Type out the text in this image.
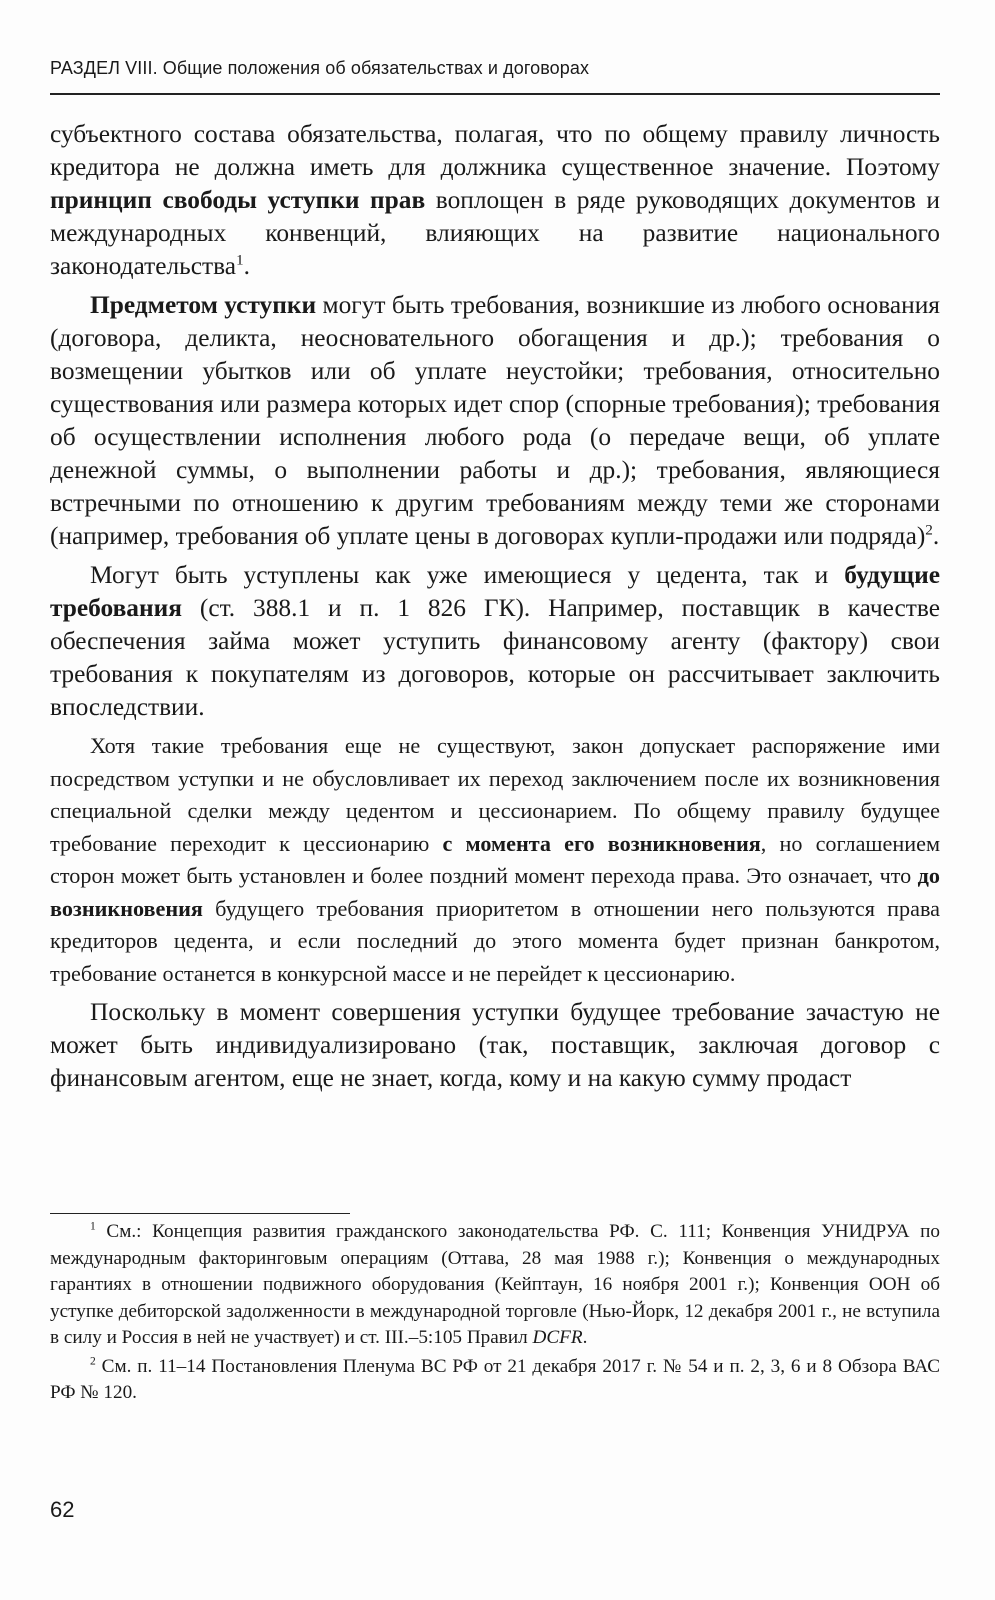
РАЗДЕЛ VIII. Общие положения об обязательствах и договорах

субъектного состава обязательства, полагая, что по общему правилу личность кредитора не должна иметь для должника существенное значение. Поэтому принцип свободы уступки прав воплощен в ряде руководящих документов и международных конвенций, влияющих на развитие национального законодательства$^1$.

Предметом уступки могут быть требования, возникшие из любого основания (договора, деликта, неосновательного обогащения и др.); требования о возмещении убытков или об уплате неустойки; требования, относительно существования или размера которых идет спор (спорные требования); требования об осуществлении исполнения любого рода (о передаче вещи, об уплате денежной суммы, о выполнении работы и др.); требования, являющиеся встречными по отношению к другим требованиям между теми же сторонами (например, требования об уплате цены в договорах купли-продажи или подряда)$^2$.

Могут быть уступлены как уже имеющиеся у цедента, так и будущие требования (ст. 388.1 и п. 1 826 ГК). Например, поставщик в качестве обеспечения займа может уступить финансовому агенту (фактору) свои требования к покупателям из договоров, которые он рассчитывает заключить впоследствии.

Хотя такие требования еще не существуют, закон допускает распоряжение ими посредством уступки и не обусловливает их переход заключением после их возникновения специальной сделки между цедентом и цессионарием. По общему правилу будущее требование переходит к цессионарию с момента его возникновения, но соглашением сторон может быть установлен и более поздний момент перехода права. Это означает, что до возникновения будущего требования приоритетом в отношении него пользуются права кредиторов цедента, и если последний до этого момента будет признан банкротом, требование останется в конкурсной массе и не перейдет к цессионарию.

Поскольку в момент совершения уступки будущее требование зачастую не может быть индивидуализировано (так, поставщик, заключая договор с финансовым агентом, еще не знает, когда, кому и на какую сумму продаст

$^1$ См.: Концепция развития гражданского законодательства РФ. С. 111; Конвенция УНИДРУА по международным факторинговым операциям (Оттава, 28 мая 1988 г.); Конвенция о международных гарантиях в отношении подвижного оборудования (Кейптаун, 16 ноября 2001 г.); Конвенция ООН об уступке дебиторской задолженности в международной торговле (Нью-Йорк, 12 декабря 2001 г., не вступила в силу и Россия в ней не участвует) и ст. III.–5:105 Правил DCFR.

$^2$ См. п. 11–14 Постановления Пленума ВС РФ от 21 декабря 2017 г. № 54 и п. 2, 3, 6 и 8 Обзора ВАС РФ № 120.

62
